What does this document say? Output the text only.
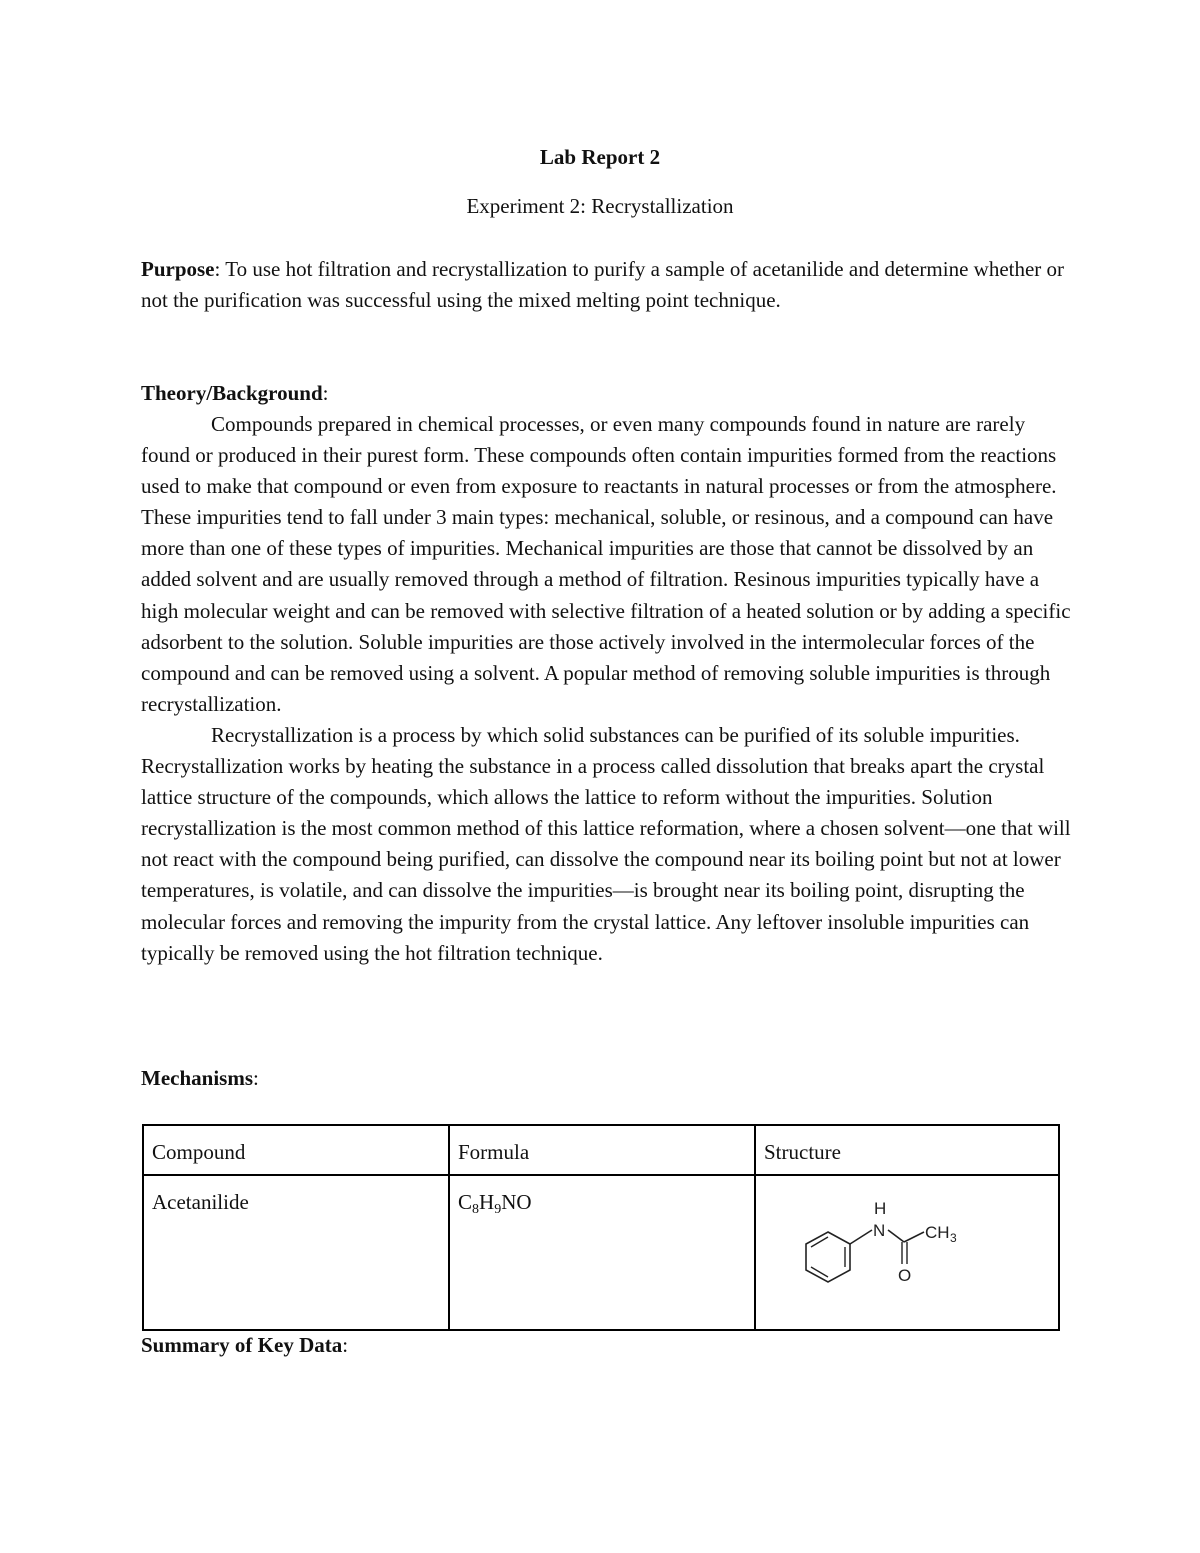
Lab Report 2
Experiment 2: Recrystallization
Purpose: To use hot filtration and recrystallization to purify a sample of acetanilide and determine whether or not the purification was successful using the mixed melting point technique.
Theory/Background:

Compounds prepared in chemical processes, or even many compounds found in nature are rarely found or produced in their purest form. These compounds often contain impurities formed from the reactions used to make that compound or even from exposure to reactants in natural processes or from the atmosphere. These impurities tend to fall under 3 main types: mechanical, soluble, or resinous, and a compound can have more than one of these types of impurities. Mechanical impurities are those that cannot be dissolved by an added solvent and are usually removed through a method of filtration. Resinous impurities typically have a high molecular weight and can be removed with selective filtration of a heated solution or by adding a specific adsorbent to the solution. Soluble impurities are those actively involved in the intermolecular forces of the compound and can be removed using a solvent. A popular method of removing soluble impurities is through recrystallization.

Recrystallization is a process by which solid substances can be purified of its soluble impurities. Recrystallization works by heating the substance in a process called dissolution that breaks apart the crystal lattice structure of the compounds, which allows the lattice to reform without the impurities. Solution recrystallization is the most common method of this lattice reformation, where a chosen solvent—one that will not react with the compound being purified, can dissolve the compound near its boiling point but not at lower temperatures, is volatile, and can dissolve the impurities—is brought near its boiling point, disrupting the molecular forces and removing the impurity from the crystal lattice. Any leftover insoluble impurities can typically be removed using the hot filtration technique.

Mechanisms:
Compound	Formula	Structure
Acetanilide	$C_8H_9NO$	H
N CH 3
O
Summary of Key Data:
